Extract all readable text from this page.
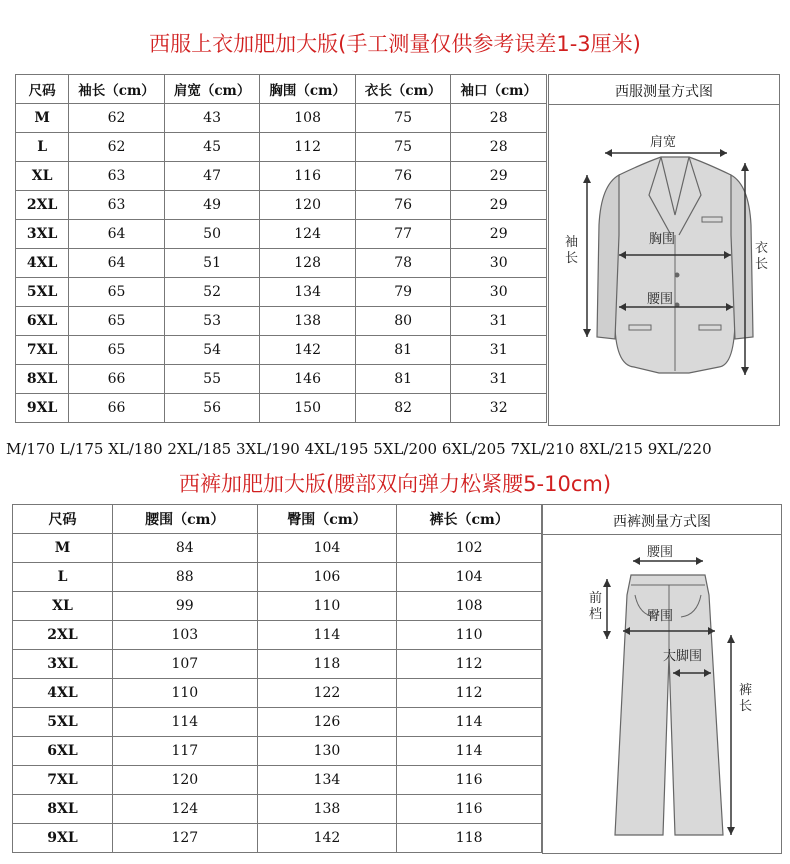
西服上衣加肥加大版(手工测量仅供参考误差1-3厘米)
尺码	袖长（cm）	肩宽（cm）	胸围（cm）	衣长（cm）	袖口（cm）
M	62	43	108	75	28
L	62	45	112	75	28
XL	63	47	116	76	29
2XL	63	49	120	76	29
3XL	64	50	124	77	29
4XL	64	51	128	78	30
5XL	65	52	134	79	30
6XL	65	53	138	80	31
7XL	65	54	142	81	31
8XL	66	55	146	81	31
9XL	66	56	150	82	32
西服测量方式图
肩宽
胸围
腰围
袖长
衣长
M/170 L/175 XL/180 2XL/185 3XL/190 4XL/195 5XL/200 6XL/205 7XL/210 8XL/215 9XL/220
西裤加肥加大版(腰部双向弹力松紧腰5-10cm)
尺码	腰围（cm）	臀围（cm）	裤长（cm）
M	84	104	102
L	88	106	104
XL	99	110	108
2XL	103	114	110
3XL	107	118	112
4XL	110	122	112
5XL	114	126	114
6XL	117	130	114
7XL	120	134	116
8XL	124	138	116
9XL	127	142	118
西裤测量方式图
腰围
前档	臀围
大脚围
裤长
